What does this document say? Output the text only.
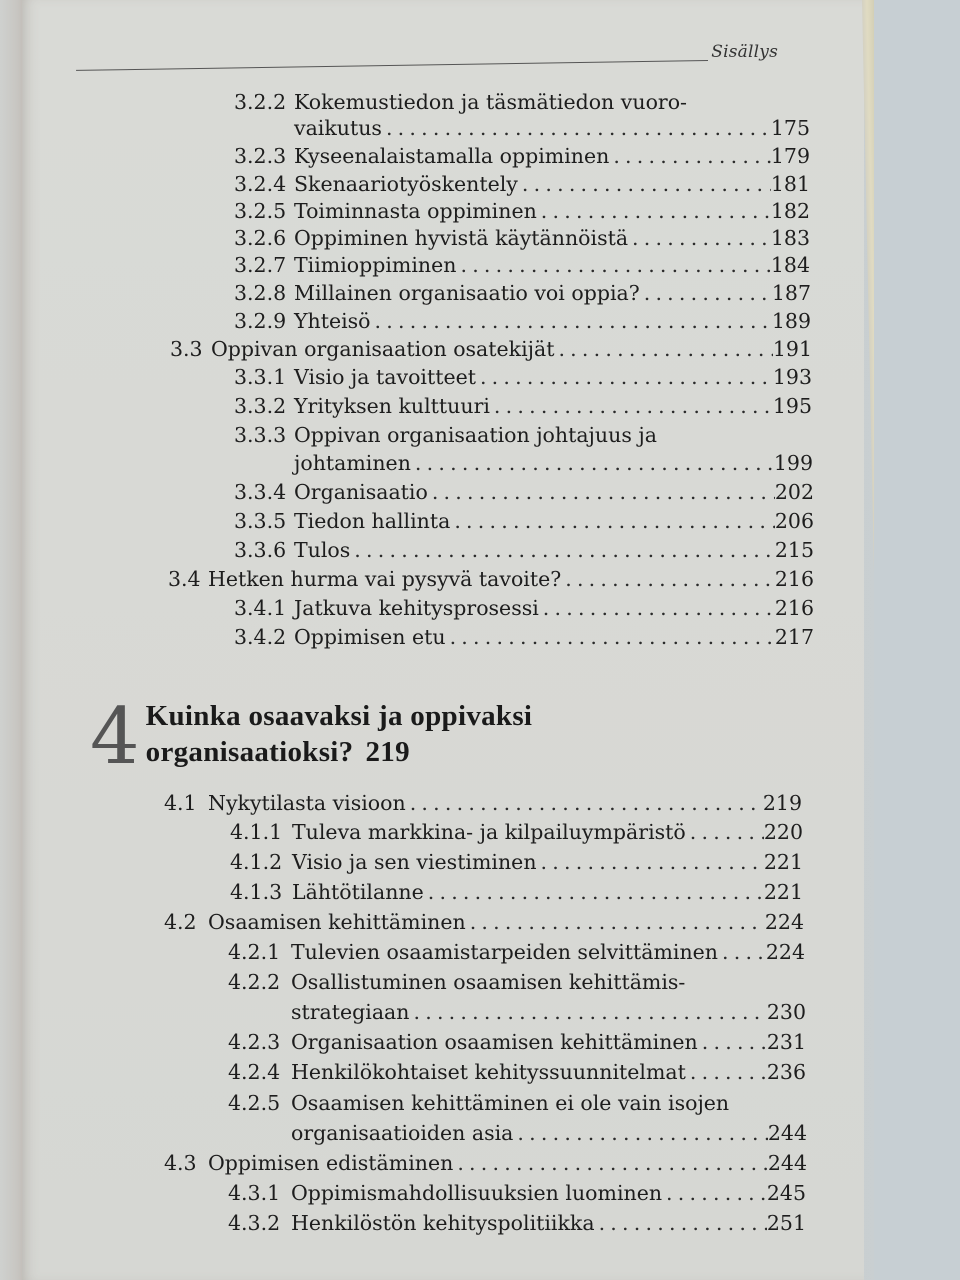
Sisällys
3.2.2 Kokemustiedon ja täsmätiedon vuoro-
vaikutus . . .	175
3.2.3 Kyseenalaistamalla oppiminen . . .	179
3.2.4 Skenaariotyöskentely . . .	181
3.2.5 Toiminnasta oppiminen . . .	182
3.2.6 Oppiminen hyvistä käytännöistä . . .	183
3.2.7 Tiimioppiminen . . .	184
3.2.8 Millainen organisaatio voi oppia? . . .	187
3.2.9 Yhteisö . . .	189
3.3 Oppivan organisaation osatekijät . . .	191
3.3.1 Visio ja tavoitteet . . .	193
3.3.2 Yrityksen kulttuuri . . .	195
3.3.3 Oppivan organisaation johtajuus ja
johtaminen . . .	199
3.3.4 Organisaatio . . .	202
3.3.5 Tiedon hallinta . . .	206
3.3.6 Tulos . . .	215
3.4 Hetken hurma vai pysyvä tavoite? . . .	216
3.4.1 Jatkuva kehitysprosessi . . .	216
3.4.2 Oppimisen etu . . .	217
4 Kuinka osaavaksi ja oppivaksi
organisaatioksi? 219
4.1 Nykytilasta visioon . . .	219
4.1.1 Tuleva markkina- ja kilpailuympäristö . . .	220
4.1.2 Visio ja sen viestiminen . . .	221
4.1.3 Lähtötilanne . . .	221
4.2 Osaamisen kehittäminen . . .	224
4.2.1 Tulevien osaamistarpeiden selvittäminen . . . 224
4.2.2 Osallistuminen osaamisen kehittämis-
strategiaan . . .	230
4.2.3 Organisaation osaamisen kehittäminen . . .	231
4.2.4 Henkilökohtaiset kehityssuunnitelmat . . .	236
4.2.5 Osaamisen kehittäminen ei ole vain isojen
organisaatioiden asia . . .	244
4.3 Oppimisen edistäminen . . .	244
4.3.1 Oppimismahdollisuuksien luominen . . .	245
4.3.2 Henkilöstön kehityspolitiikka . . .	251
